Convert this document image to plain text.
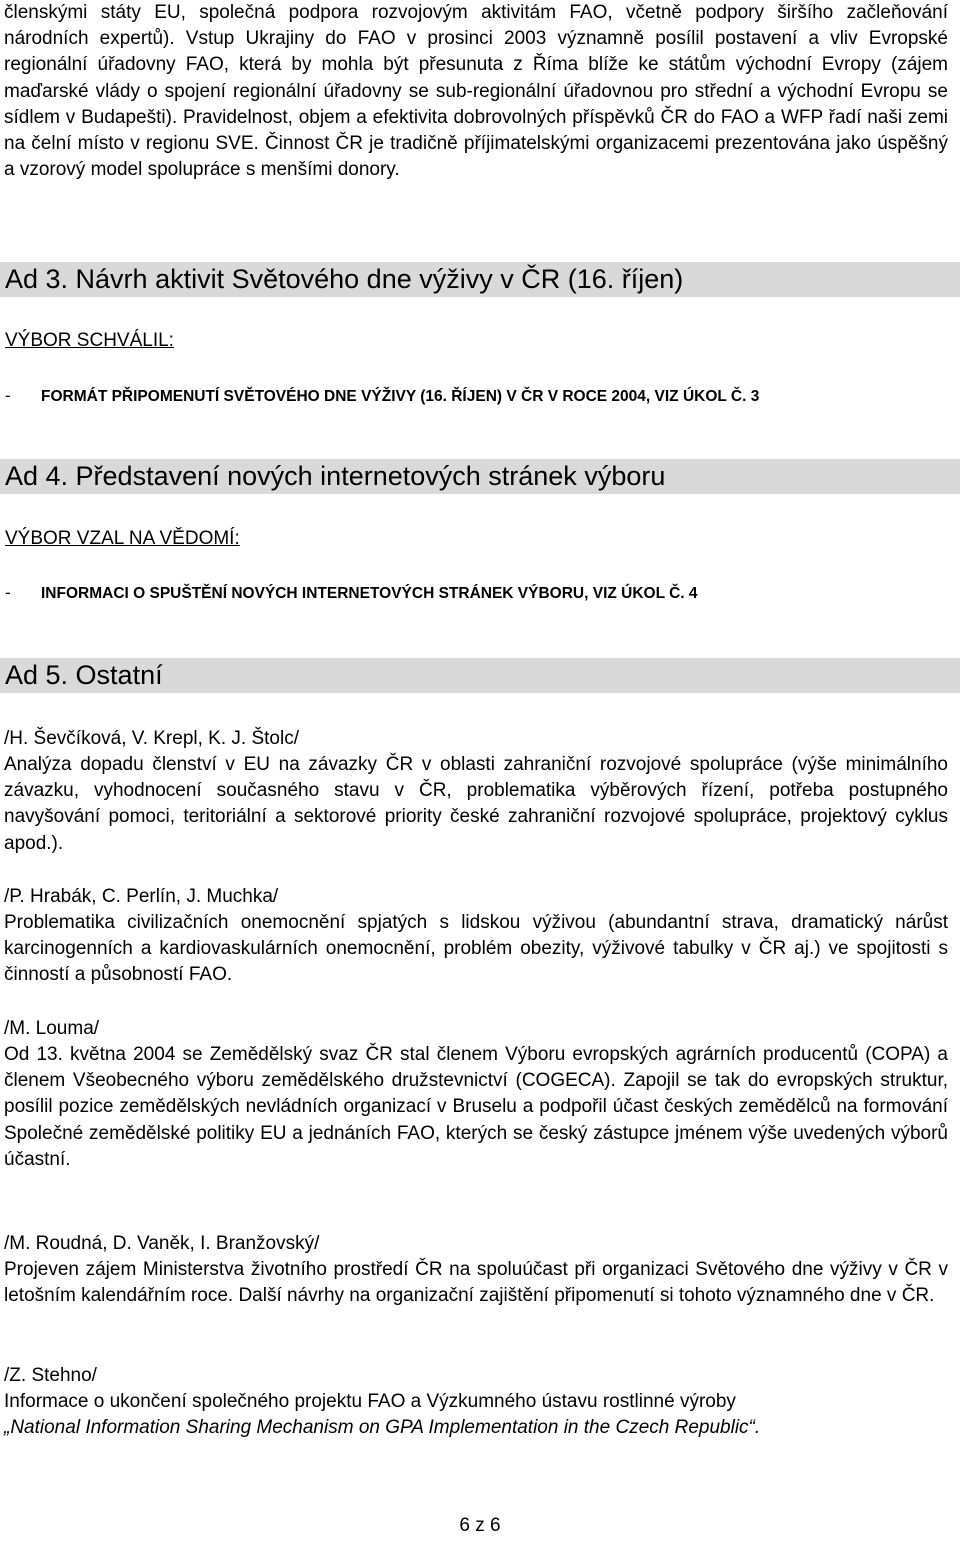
členskými státy EU, společná podpora rozvojovým aktivitám FAO, včetně podpory širšího začleňování národních expertů). Vstup Ukrajiny do FAO v prosinci 2003 významně posílil postavení a vliv Evropské regionální úřadovny FAO, která by mohla být přesunuta z Říma blíže ke státům východní Evropy (zájem maďarské vlády o spojení regionální úřadovny se sub-regionální úřadovnou pro střední a východní Evropu se sídlem v Budapešti). Pravidelnost, objem a efektivita dobrovolných příspěvků ČR do FAO a WFP řadí naši zemi na čelní místo v regionu SVE. Činnost ČR je tradičně příjimatelskými organizacemi prezentována jako úspěšný a vzorový model spolupráce s menšími donory.

Ad 3. Návrh aktivit Světového dne výživy v ČR (16. říjen)
VÝBOR SCHVÁLIL:
- FORMÁT PŘIPOMENUTÍ SVĚTOVÉHO DNE VÝŽIVY (16. ŘÍJEN) V ČR V ROCE 2004, VIZ ÚKOL Č. 3
Ad 4. Představení nových internetových stránek výboru
VÝBOR VZAL NA VĚDOMÍ:
- INFORMACI O SPUŠTĚNÍ NOVÝCH INTERNETOVÝCH STRÁNEK VÝBORU, VIZ ÚKOL Č. 4
Ad 5. Ostatní

/H. Ševčíková, V. Krepl, K. J. Štolc/

Analýza dopadu členství v EU na závazky ČR v oblasti zahraniční rozvojové spolupráce (výše minimálního závazku, vyhodnocení současného stavu v ČR, problematika výběrových řízení, potřeba postupného navyšování pomoci, teritoriální a sektorové priority české zahraniční rozvojové spolupráce, projektový cyklus apod.).

/P. Hrabák, C. Perlín, J. Muchka/

Problematika civilizačních onemocnění spjatých s lidskou výživou (abundantní strava, dramatický nárůst karcinogenních a kardiovaskulárních onemocnění, problém obezity, výživové tabulky v ČR aj.) ve spojitosti s činností a působností FAO.

/M. Louma/

Od 13. května 2004 se Zemědělský svaz ČR stal členem Výboru evropských agrárních producentů (COPA) a členem Všeobecného výboru zemědělského družstevnictví (COGECA). Zapojil se tak do evropských struktur, posílil pozice zemědělských nevládních organizací v Bruselu a podpořil účast českých zemědělců na formování Společné zemědělské politiky EU a jednáních FAO, kterých se český zástupce jménem výše uvedených výborů účastní.

/M. Roudná, D. Vaněk, I. Branžovský/

Projeven zájem Ministerstva životního prostředí ČR na spoluúčast při organizaci Světového dne výživy v ČR v letošním kalendářním roce. Další návrhy na organizační zajištění připomenutí si tohoto významného dne v ČR.

/Z. Stehno/

Informace o ukončení společného projektu FAO a Výzkumného ústavu rostlinné výroby

„National Information Sharing Mechanism on GPA Implementation in the Czech Republic“.

6 z 6
